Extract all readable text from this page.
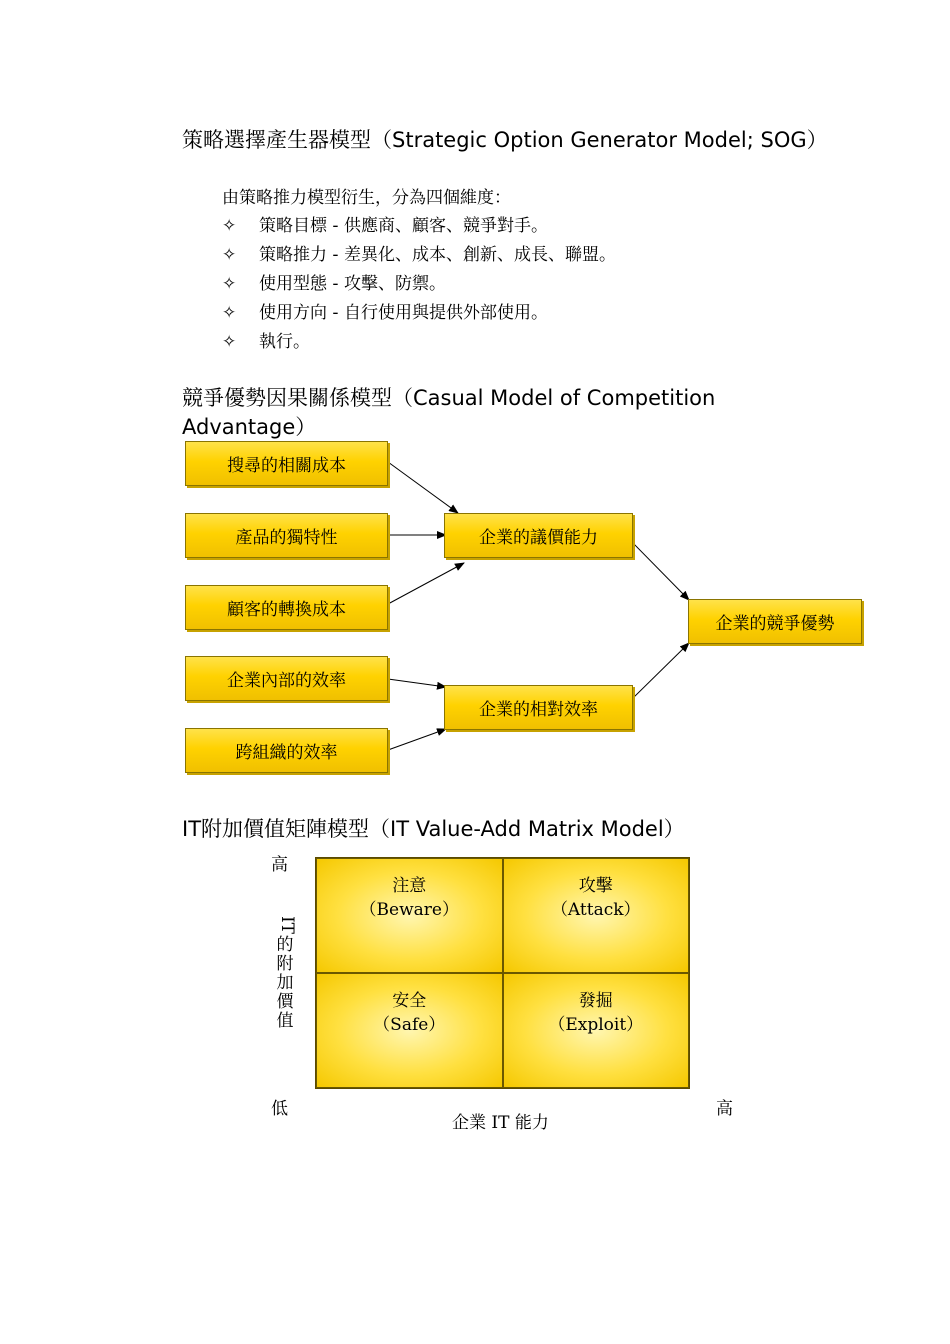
策略選擇產生器模型（Strategic Option Generator Model; SOG）
由策略推力模型衍生，分為四個維度：
✧	策略目標 - 供應商、顧客、競爭對手。
✧	策略推力 - 差異化、成本、創新、成長、聯盟。
✧	使用型態 - 攻擊、防禦。
✧	使用方向 - 自行使用與提供外部使用。
✧	執行。
競爭優勢因果關係模型（Casual Model of Competition Advantage）
搜尋的相關成本
產品的獨特性
顧客的轉換成本
企業內部的效率
跨組織的效率
企業的議價能力
企業的相對效率
企業的競爭優勢
IT附加價值矩陣模型（IT Value-Add Matrix Model）
高
IT
的
附
加
價
值
注意
（Beware）
攻擊
（Attack）
安全
（Safe）
發掘
（Exploit）
低	高
企業 IT 能力
